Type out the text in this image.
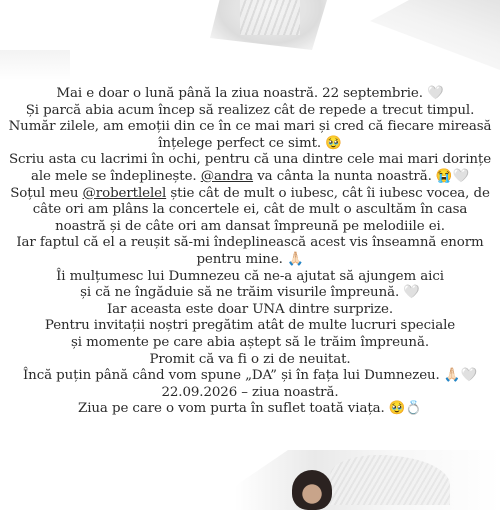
Mai e doar o lună până la ziua noastră. 22 septembrie. 🤍
Și parcă abia acum încep să realizez cât de repede a trecut timpul.
Număr zilele, am emoții din ce în ce mai mari și cred că fiecare mireasă
înțelege perfect ce simt. 🥹
Scriu asta cu lacrimi în ochi, pentru că una dintre cele mai mari dorințe
ale mele se îndeplinește. @andra va cânta la nunta noastră. 😭🤍
Soțul meu @robertlelel știe cât de mult o iubesc, cât îi iubesc vocea, de
câte ori am plâns la concertele ei, cât de mult o ascultăm în casa
noastră și de câte ori am dansat împreună pe melodiile ei.
Iar faptul că el a reușit să-mi îndeplinească acest vis înseamnă enorm
pentru mine. 🙏🏻
Îi mulțumesc lui Dumnezeu că ne-a ajutat să ajungem aici
și că ne îngăduie să ne trăim visurile împreună. 🤍
Iar aceasta este doar UNA dintre surprize.
Pentru invitații noștri pregătim atât de multe lucruri speciale
și momente pe care abia aștept să le trăim împreună.
Promit că va fi o zi de neuitat.
Încă puțin până când vom spune „DA” și în fața lui Dumnezeu. 🙏🏻🤍
22.09.2026 – ziua noastră.
Ziua pe care o vom purta în suflet toată viața. 🥹💍
